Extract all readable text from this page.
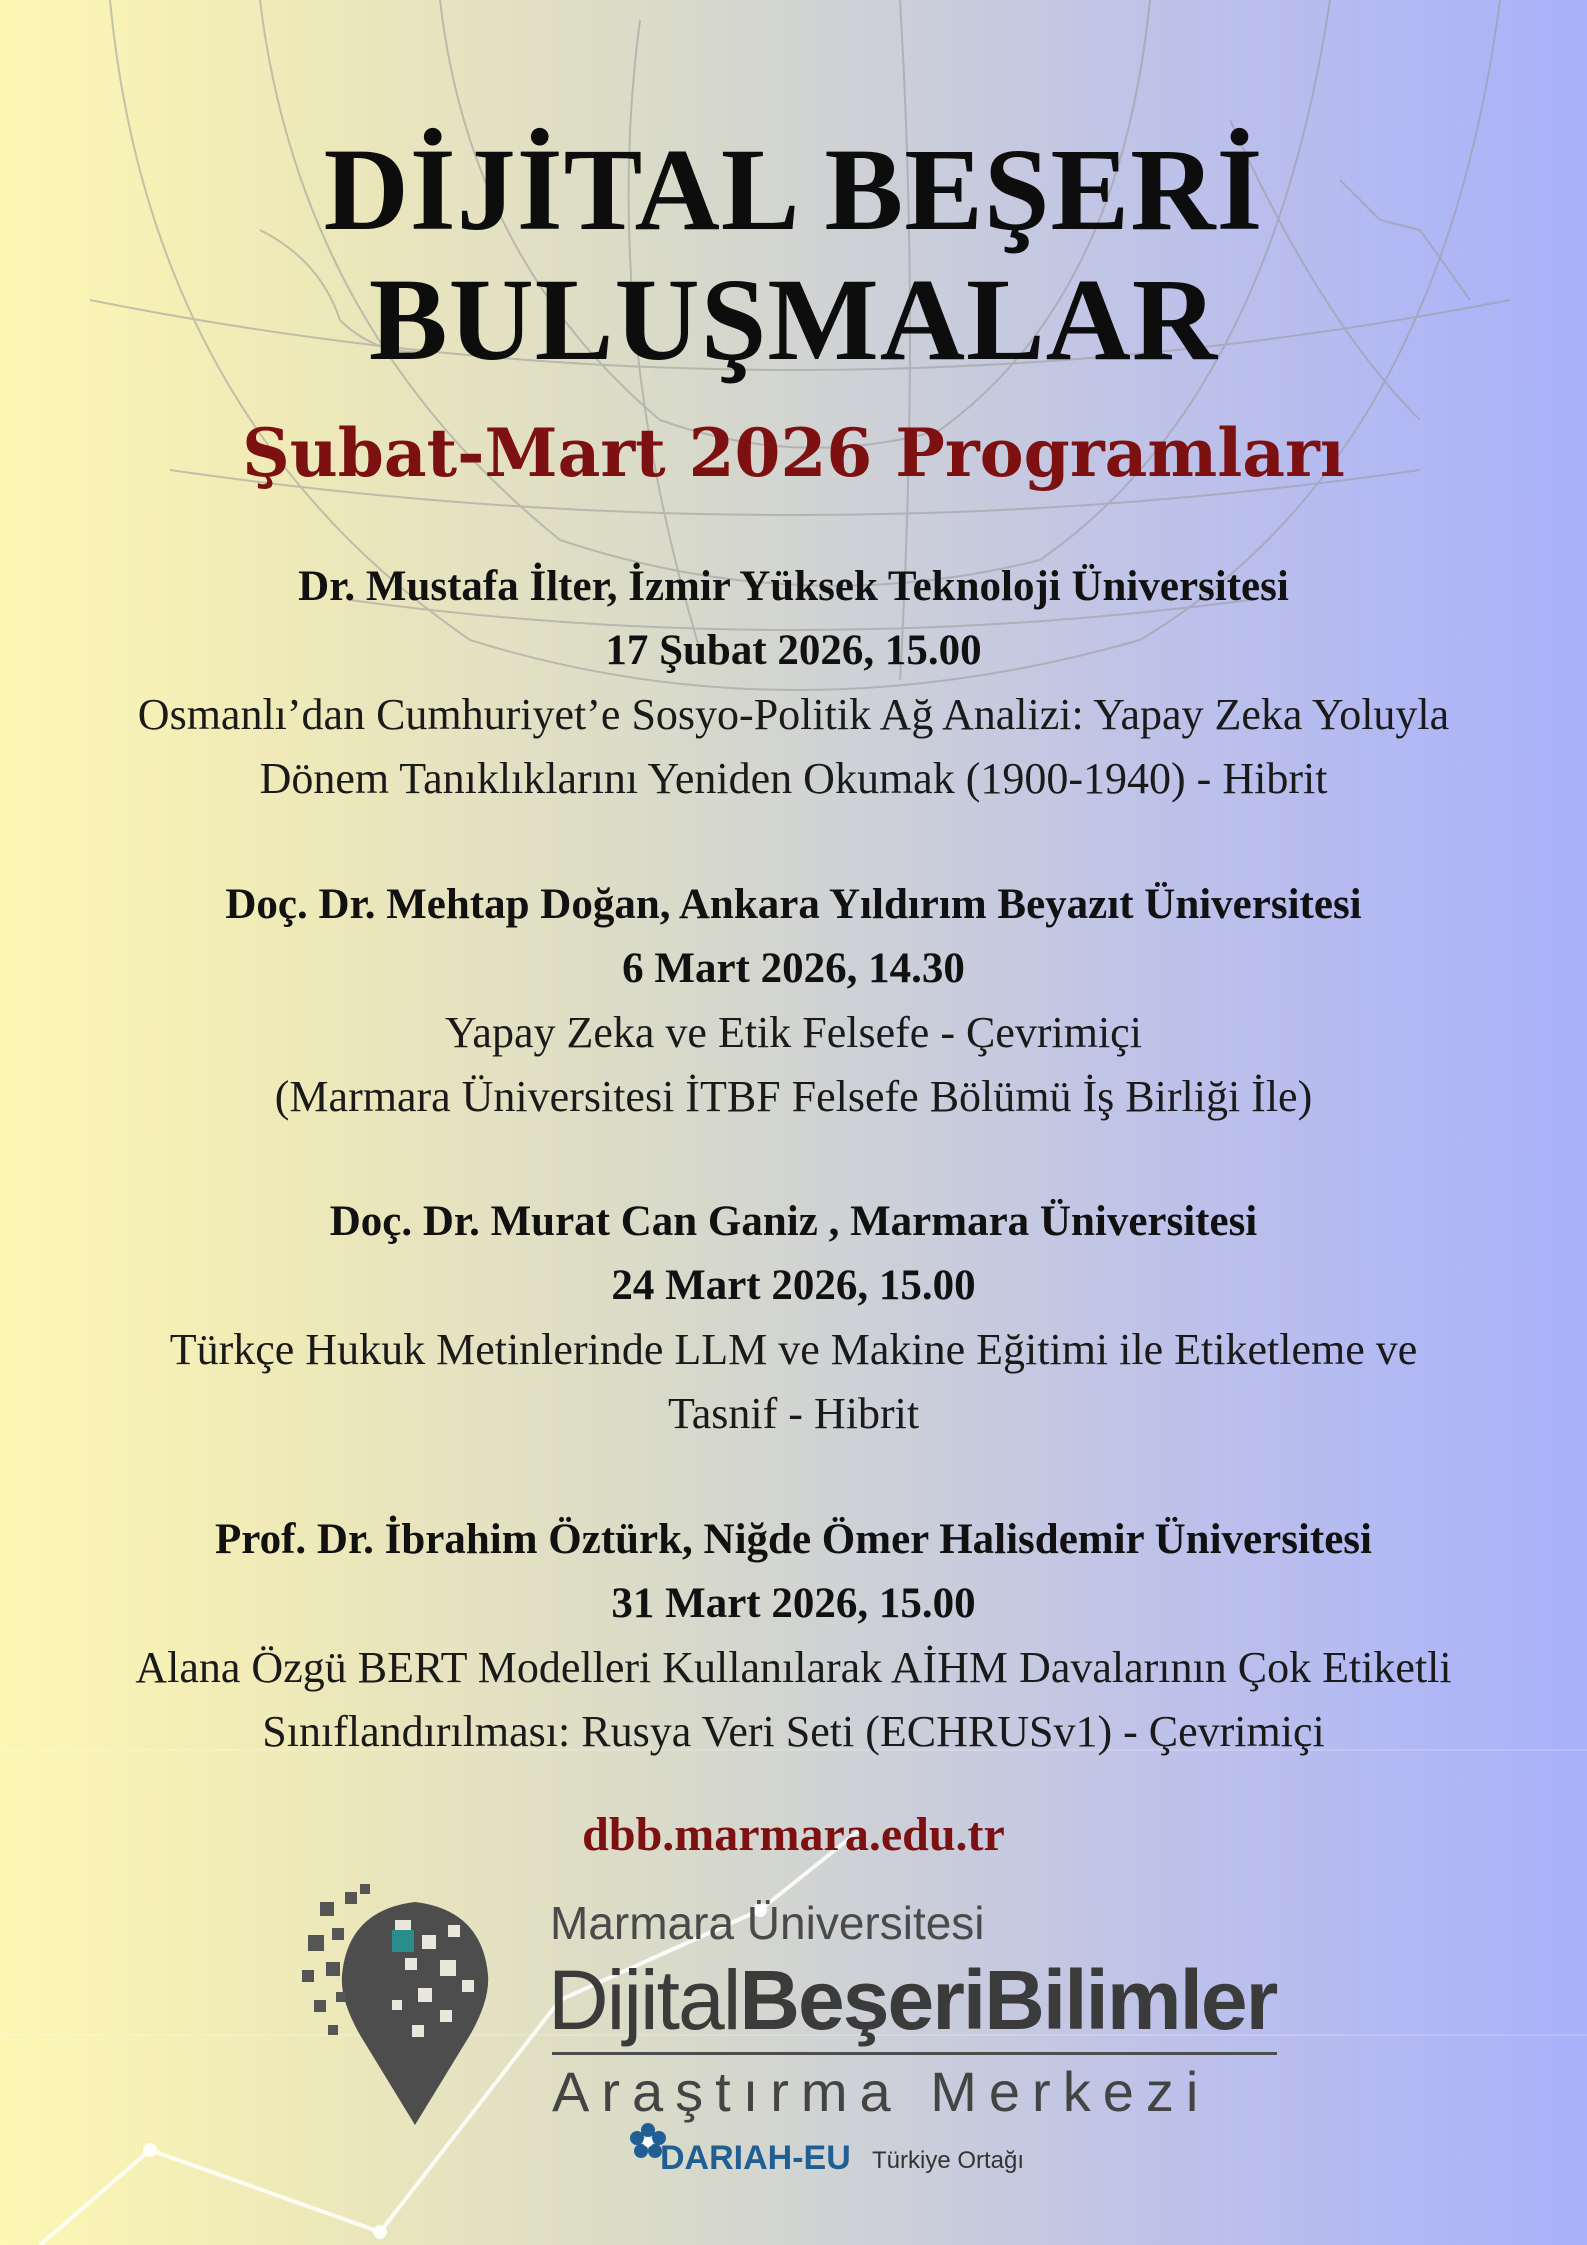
DİJİTAL BEŞERİ
BULUŞMALAR
Şubat-Mart 2026 Programları
Dr. Mustafa İlter, İzmir Yüksek Teknoloji Üniversitesi
17 Şubat 2026, 15.00
Osmanlı’dan Cumhuriyet’e Sosyo-Politik Ağ Analizi: Yapay Zeka Yoluyla
Dönem Tanıklıklarını Yeniden Okumak (1900-1940) - Hibrit
Doç. Dr. Mehtap Doğan, Ankara Yıldırım Beyazıt Üniversitesi
6 Mart 2026, 14.30
Yapay Zeka ve Etik Felsefe - Çevrimiçi
(Marmara Üniversitesi İTBF Felsefe Bölümü İş Birliği İle)
Doç. Dr. Murat Can Ganiz , Marmara Üniversitesi
24 Mart 2026, 15.00
Türkçe Hukuk Metinlerinde LLM ve Makine Eğitimi ile Etiketleme ve
Tasnif - Hibrit
Prof. Dr. İbrahim Öztürk, Niğde Ömer Halisdemir Üniversitesi
31 Mart 2026, 15.00
Alana Özgü BERT Modelleri Kullanılarak AİHM Davalarının Çok Etiketli
Sınıflandırılması: Rusya Veri Seti (ECHRUSv1) - Çevrimiçi
dbb.marmara.edu.tr
Marmara Üniversitesi
DijitalBeşeriBilimler
Araştırma Merkezi
DARIAH-EU Türkiye Ortağı
